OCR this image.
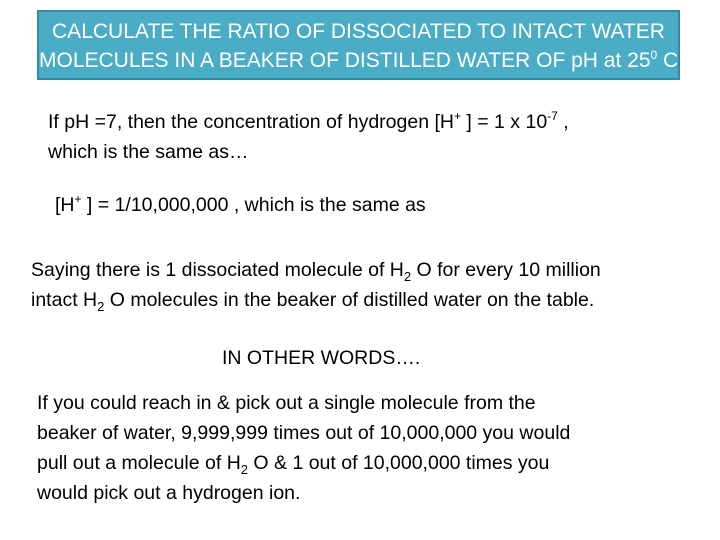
CALCULATE THE RATIO OF DISSOCIATED TO INTACT WATER
MOLECULES IN A BEAKER OF DISTILLED WATER OF pH at $25^0$ C
If pH =7, then the concentration of hydrogen [H+ ] = 1 x $10^{-7}$ ,
which is the same as…
[H+ ] = 1/10,000,000 , which is the same as
Saying there is 1 dissociated molecule of $H_2$ O for every 10 million
intact $H_2$ O molecules in the beaker of distilled water on the table.
IN OTHER WORDS….
If you could reach in & pick out a single molecule from the
beaker of water, 9,999,999 times out of 10,000,000 you would
pull out a molecule of $H_2$ O & 1 out of 10,000,000 times you
would pick out a hydrogen ion.
